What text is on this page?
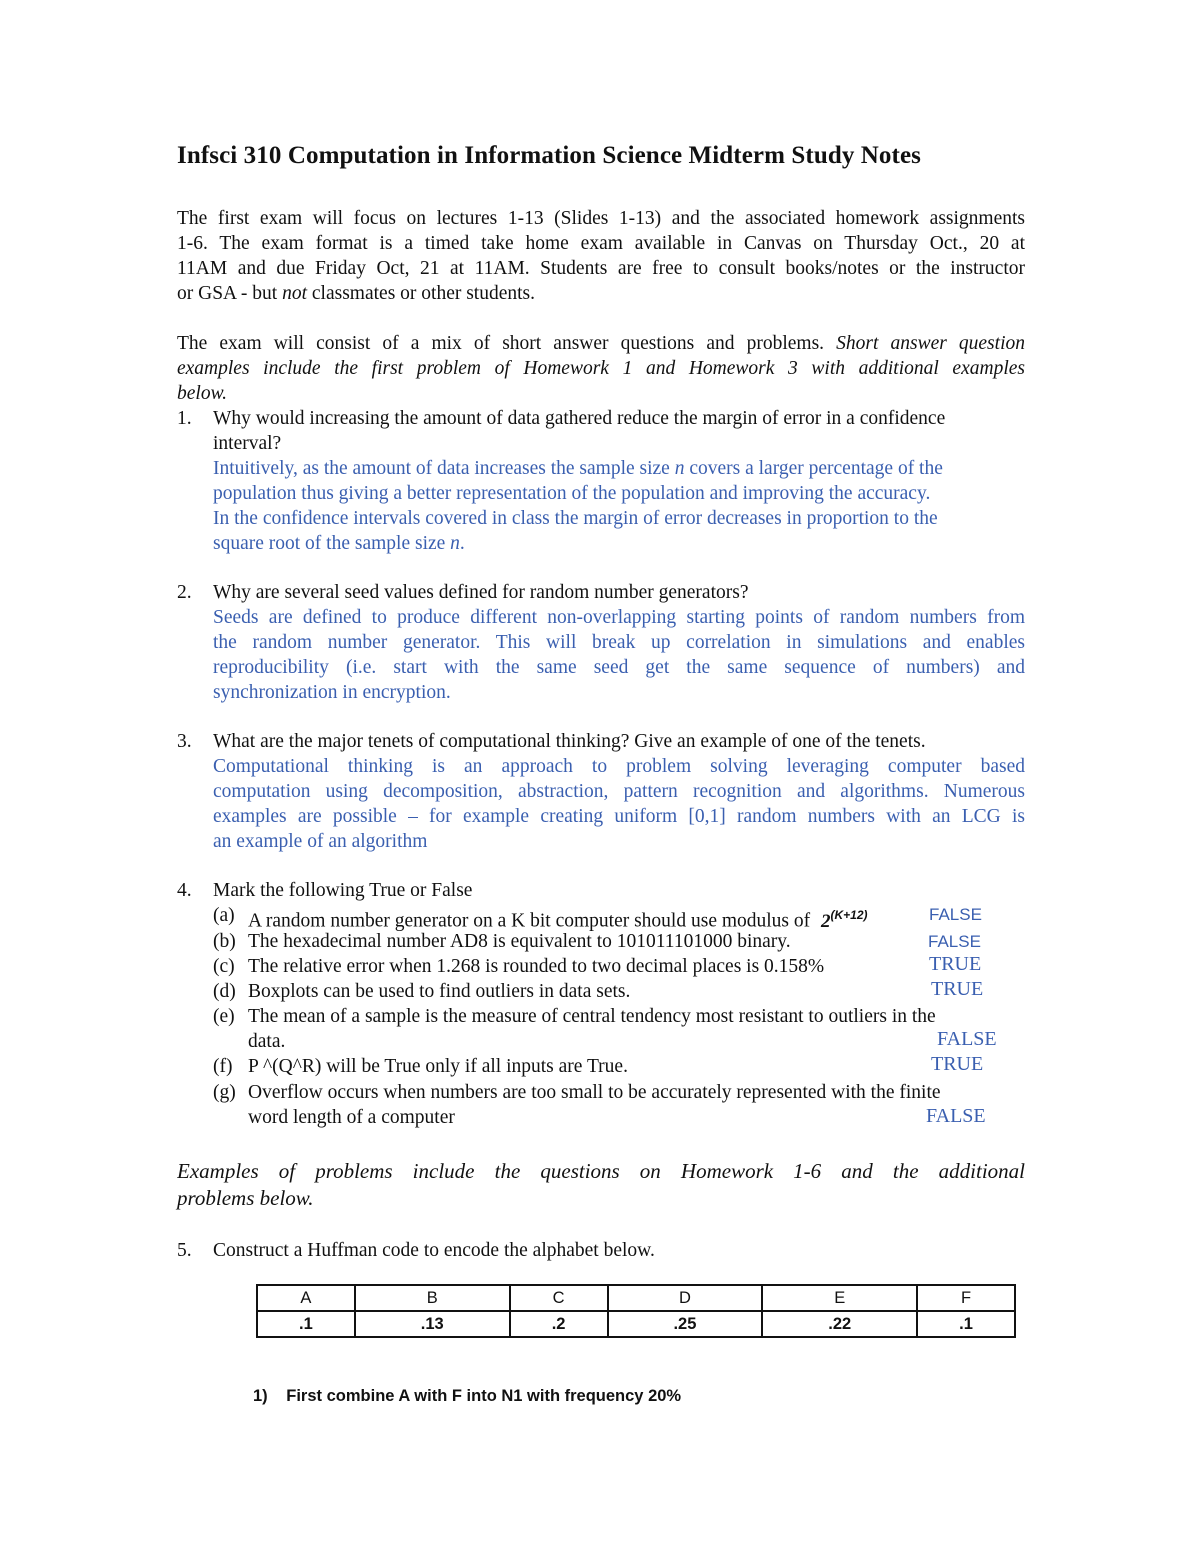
Infsci 310 Computation in Information Science Midterm Study Notes
The first exam will focus on lectures 1-13 (Slides 1-13) and the associated homework assignments
1-6. The exam format is a timed take home exam available in Canvas on Thursday Oct., 20 at
11AM and due Friday Oct, 21 at 11AM. Students are free to consult books/notes or the instructor
or GSA - but not classmates or other students.
The exam will consist of a mix of short answer questions and problems. Short answer question
examples include the first problem of Homework 1 and Homework 3 with additional examples
below.
1. Why would increasing the amount of data gathered reduce the margin of error in a confidence
interval?
Intuitively, as the amount of data increases the sample size n covers a larger percentage of the
population thus giving a better representation of the population and improving the accuracy.
In the confidence intervals covered in class the margin of error decreases in proportion to the
square root of the sample size n.
2. Why are several seed values defined for random number generators?
Seeds are defined to produce different non-overlapping starting points of random numbers from
the random number generator. This will break up correlation in simulations and enables
reproducibility (i.e. start with the same seed get the same sequence of numbers) and
synchronization in encryption.
3. What are the major tenets of computational thinking? Give an example of one of the tenets.
Computational thinking is an approach to problem solving leveraging computer based
computation using decomposition, abstraction, pattern recognition and algorithms. Numerous
examples are possible – for example creating uniform [0,1] random numbers with an LCG is
an example of an algorithm
4. Mark the following True or False
(a) A random number generator on a K bit computer should use modulus of 2(K+12)	FALSE
(b) The hexadecimal number AD8 is equivalent to 101011101000 binary.	FALSE
(c) The relative error when 1.268 is rounded to two decimal places is 0.158%	TRUE
(d) Boxplots can be used to find outliers in data sets.	TRUE
(e) The mean of a sample is the measure of central tendency most resistant to outliers in the
data.	FALSE
(f) P ^(Q^R) will be True only if all inputs are True.	TRUE
(g) Overflow occurs when numbers are too small to be accurately represented with the finite
word length of a computer	FALSE
Examples of problems include the questions on Homework 1-6 and the additional
problems below.
5. Construct a Huffman code to encode the alphabet below.
A	B	C	D	E	F
.1	.13	.2	.25	.22	.1
1) First combine A with F into N1 with frequency 20%
